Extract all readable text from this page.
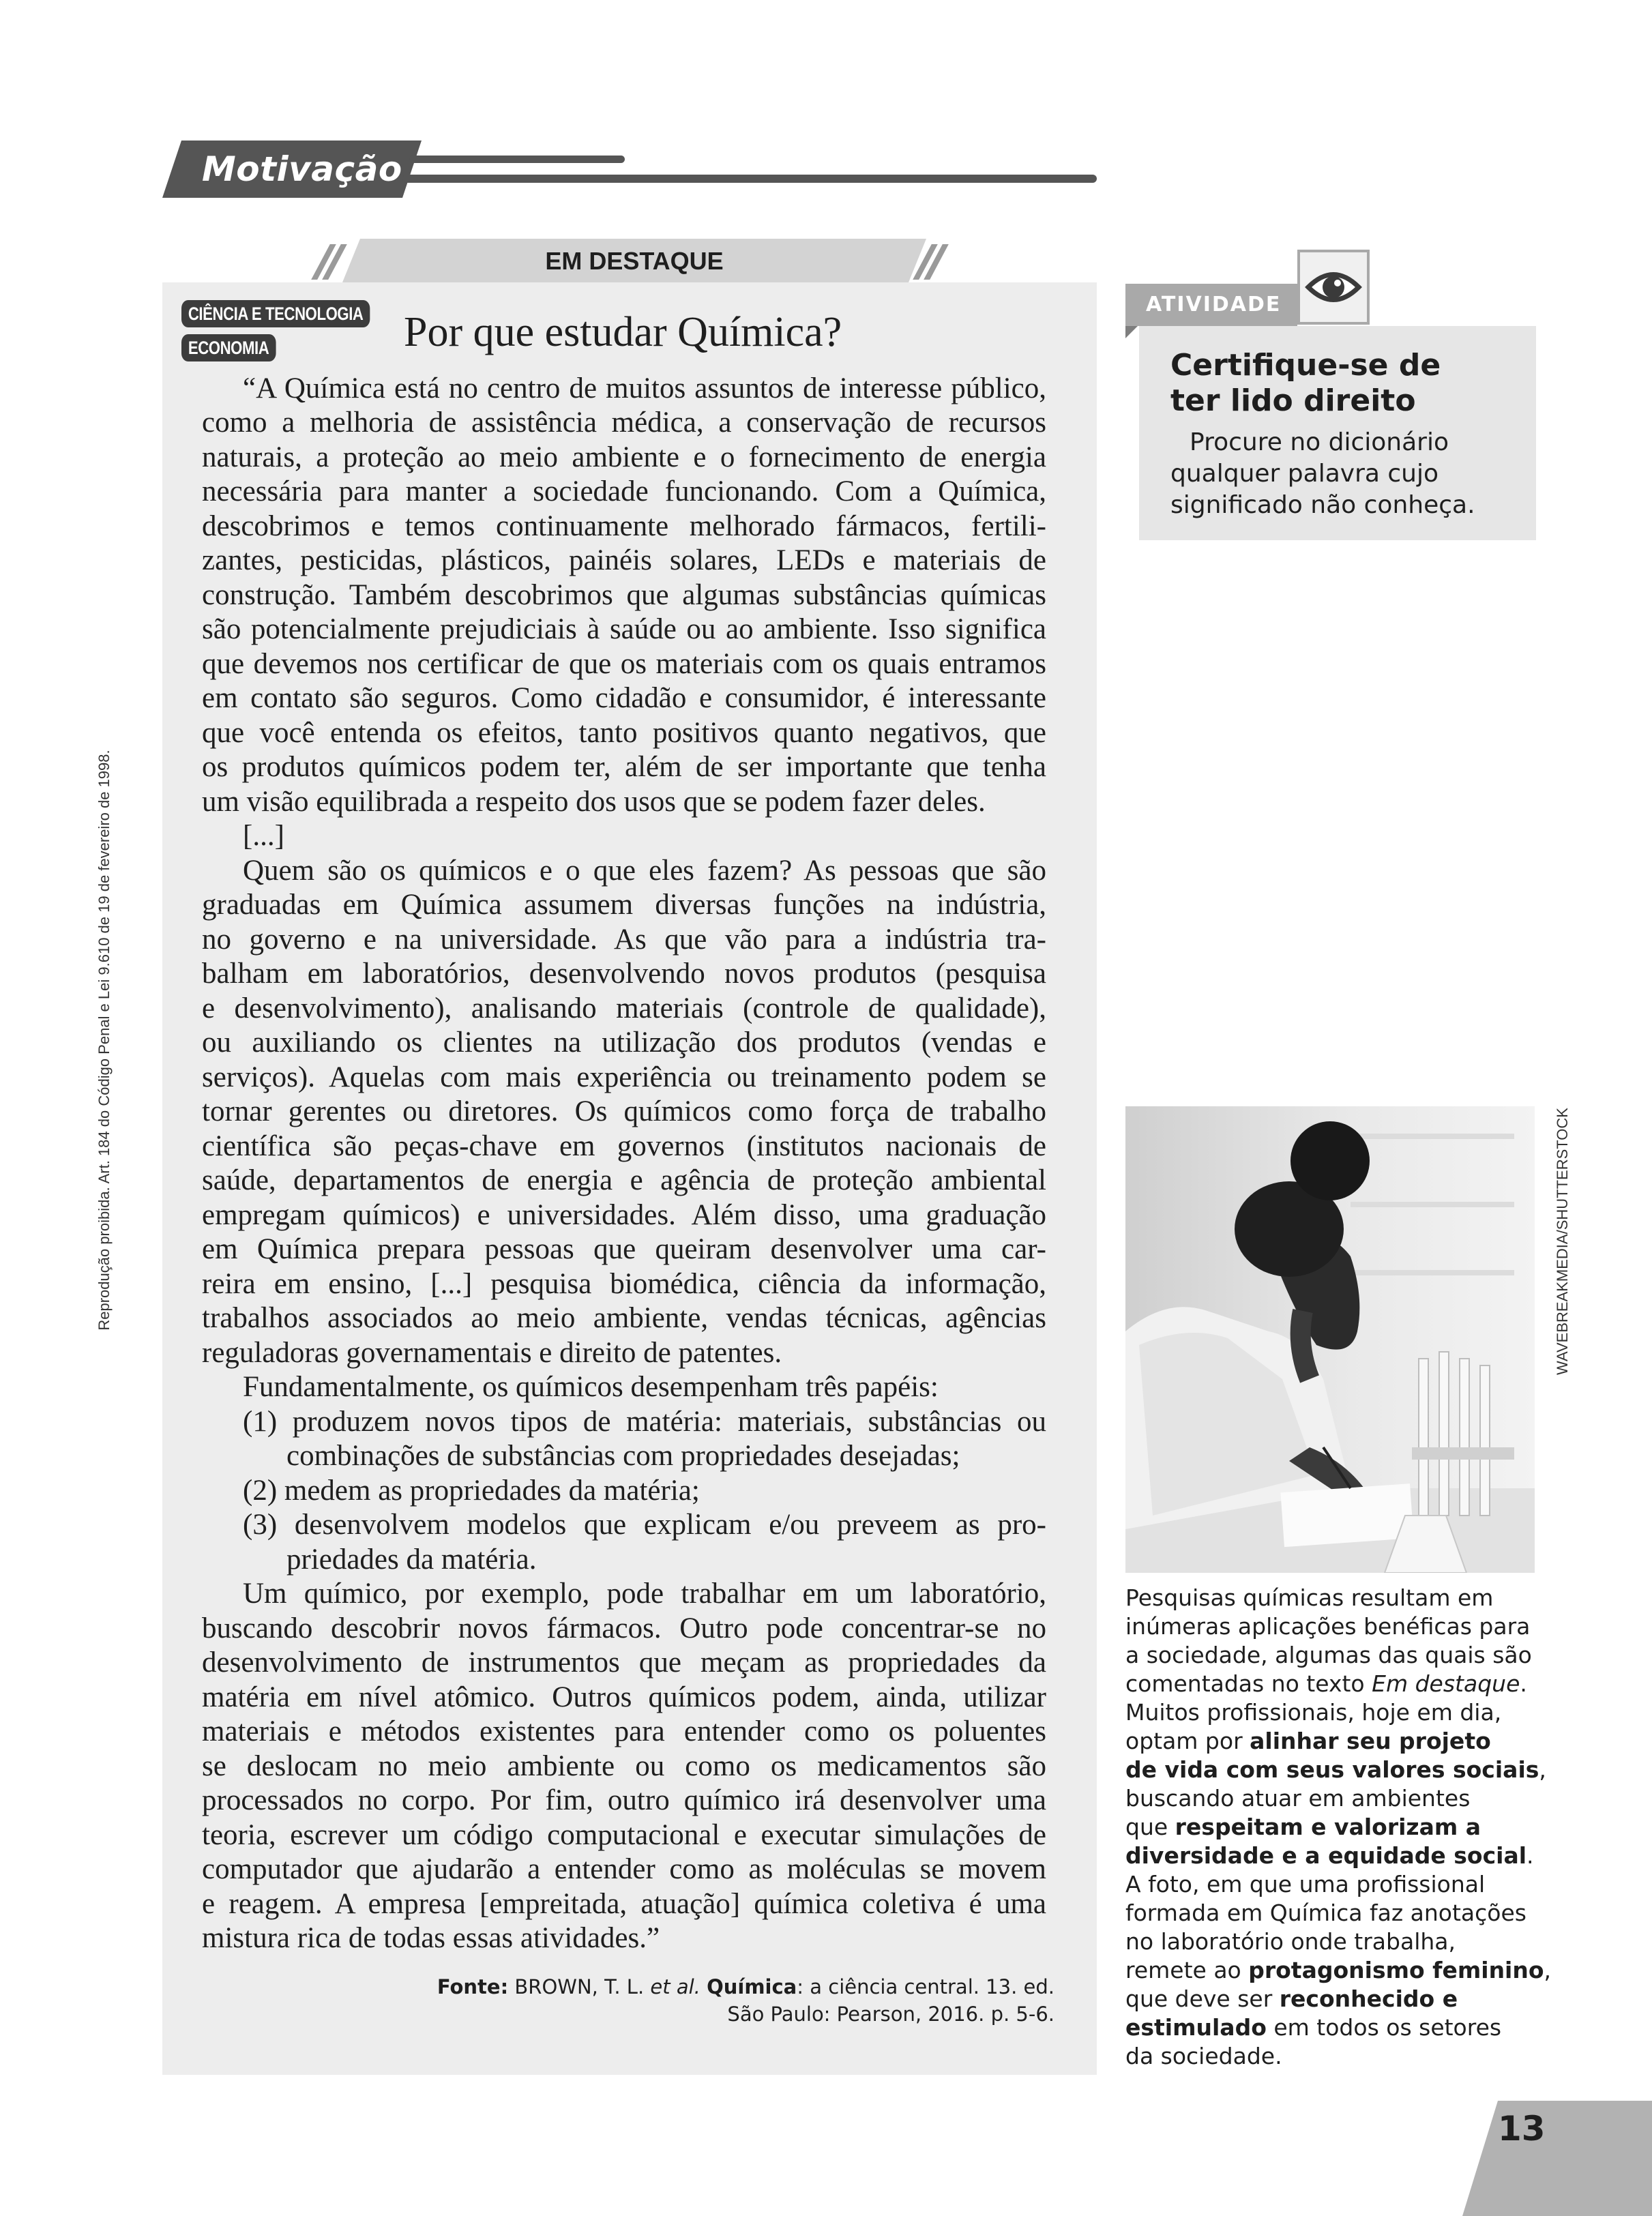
Motivação
EM DESTAQUE
CIÊNCIA E TECNOLOGIA
ECONOMIA	Por que estudar Química?
“A Química está no centro de muitos assuntos de interesse público,
como a melhoria de assistência médica, a conservação de recursos
naturais, a proteção ao meio ambiente e o fornecimento de energia
necessária para manter a sociedade funcionando. Com a Química,
descobrimos e temos continuamente melhorado fármacos, fertili-
zantes, pesticidas, plásticos, painéis solares, LEDs e materiais de
construção. Também descobrimos que algumas substâncias químicas
são potencialmente prejudiciais à saúde ou ao ambiente. Isso significa
que devemos nos certificar de que os materiais com os quais entramos
em contato são seguros. Como cidadão e consumidor, é interessante
que você entenda os efeitos, tanto positivos quanto negativos, que
os produtos químicos podem ter, além de ser importante que tenha
um visão equilibrada a respeito dos usos que se podem fazer deles.
[...]
Quem são os químicos e o que eles fazem? As pessoas que são
graduadas em Química assumem diversas funções na indústria,
no governo e na universidade. As que vão para a indústria tra-
balham em laboratórios, desenvolvendo novos produtos (pesquisa
e desenvolvimento), analisando materiais (controle de qualidade),
ou auxiliando os clientes na utilização dos produtos (vendas e
serviços). Aquelas com mais experiência ou treinamento podem se
tornar gerentes ou diretores. Os químicos como força de trabalho
científica são peças-chave em governos (institutos nacionais de
saúde, departamentos de energia e agência de proteção ambiental
empregam químicos) e universidades. Além disso, uma graduação
em Química prepara pessoas que queiram desenvolver uma car-
reira em ensino, [...] pesquisa biomédica, ciência da informação,
trabalhos associados ao meio ambiente, vendas técnicas, agências
reguladoras governamentais e direito de patentes.
Fundamentalmente, os químicos desempenham três papéis:
(1) produzem novos tipos de matéria: materiais, substâncias ou
combinações de substâncias com propriedades desejadas;
(2) medem as propriedades da matéria;
(3) desenvolvem modelos que explicam e/ou preveem as pro-
priedades da matéria.
Um químico, por exemplo, pode trabalhar em um laboratório,
buscando descobrir novos fármacos. Outro pode concentrar-se no
desenvolvimento de instrumentos que meçam as propriedades da
matéria em nível atômico. Outros químicos podem, ainda, utilizar
materiais e métodos existentes para entender como os poluentes
se deslocam no meio ambiente ou como os medicamentos são
processados no corpo. Por fim, outro químico irá desenvolver uma
teoria, escrever um código computacional e executar simulações de
computador que ajudarão a entender como as moléculas se movem
e reagem. A empresa [empreitada, atuação] química coletiva é uma
mistura rica de todas essas atividades.”
Fonte: BROWN, T. L. et al. Química: a ciência central. 13. ed.
São Paulo: Pearson, 2016. p. 5-6.
Reprodução proibida. Art. 184 do Código Penal e Lei 9.610 de 19 de fevereiro de 1998.
ATIVIDADE
Certifique-se de
ter lido direito
Procure no dicionário
qualquer palavra cujo
significado não conheça.
WAVEBREAKMEDIA/SHUTTERSTOCK
Pesquisas químicas resultam em
inúmeras aplicações benéficas para
a sociedade, algumas das quais são
comentadas no texto Em destaque.
Muitos profissionais, hoje em dia,
optam por alinhar seu projeto
de vida com seus valores sociais,
buscando atuar em ambientes
que respeitam e valorizam a
diversidade e a equidade social.
A foto, em que uma profissional
formada em Química faz anotações
no laboratório onde trabalha,
remete ao protagonismo feminino,
que deve ser reconhecido e
estimulado em todos os setores
da sociedade.
13
